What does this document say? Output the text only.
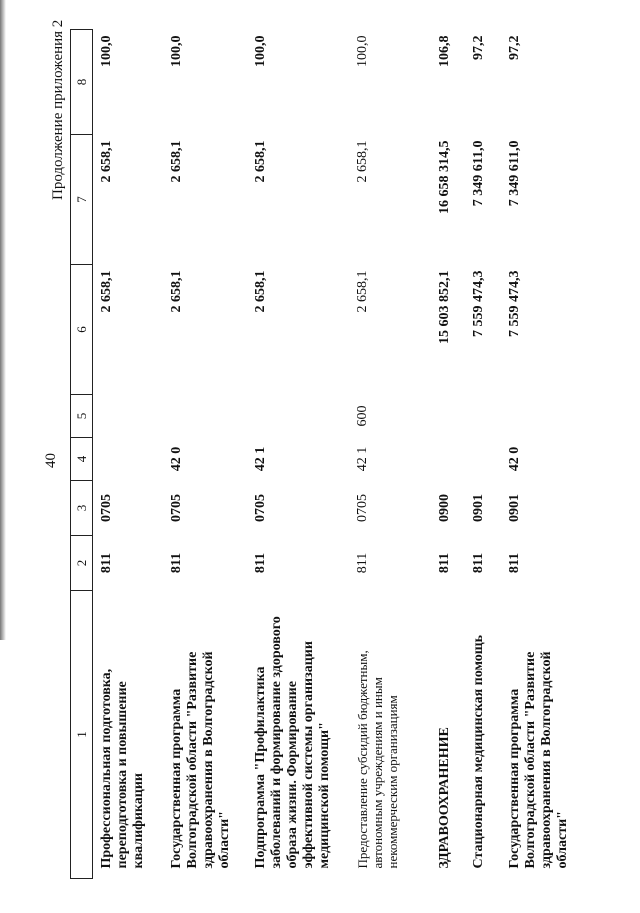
40
Продолжение приложения 2
1	2	3	4	5	6	7	8
Профессиональная подготовка, переподготовка и повышение квалификации	811	0705			2 658,1	2 658,1	100,0
Государственная программа Волгоградской области "Развитие здравоохранения в Волгоградской области"	811	0705	42 0		2 658,1	2 658,1	100,0
Подпрограмма "Профилактика заболеваний и формирование здорового образа жизни. Формирование эффективной системы организации медицинской помощи"	811	0705	42 1		2 658,1	2 658,1	100,0
Предоставление субсидий бюджетным, автономным учреждениям и иным некоммерческим организациям	811	0705	42 1	600	2 658,1	2 658,1	100,0
ЗДРАВООХРАНЕНИЕ	811	0900			15 603 852,1	16 658 314,5	106,8
Стационарная медицинская помощь	811	0901			7 559 474,3	7 349 611,0	97,2
Государственная программа Волгоградской области "Развитие здравоохранения в Волгоградской области"	811	0901	42 0		7 559 474,3	7 349 611,0	97,2
